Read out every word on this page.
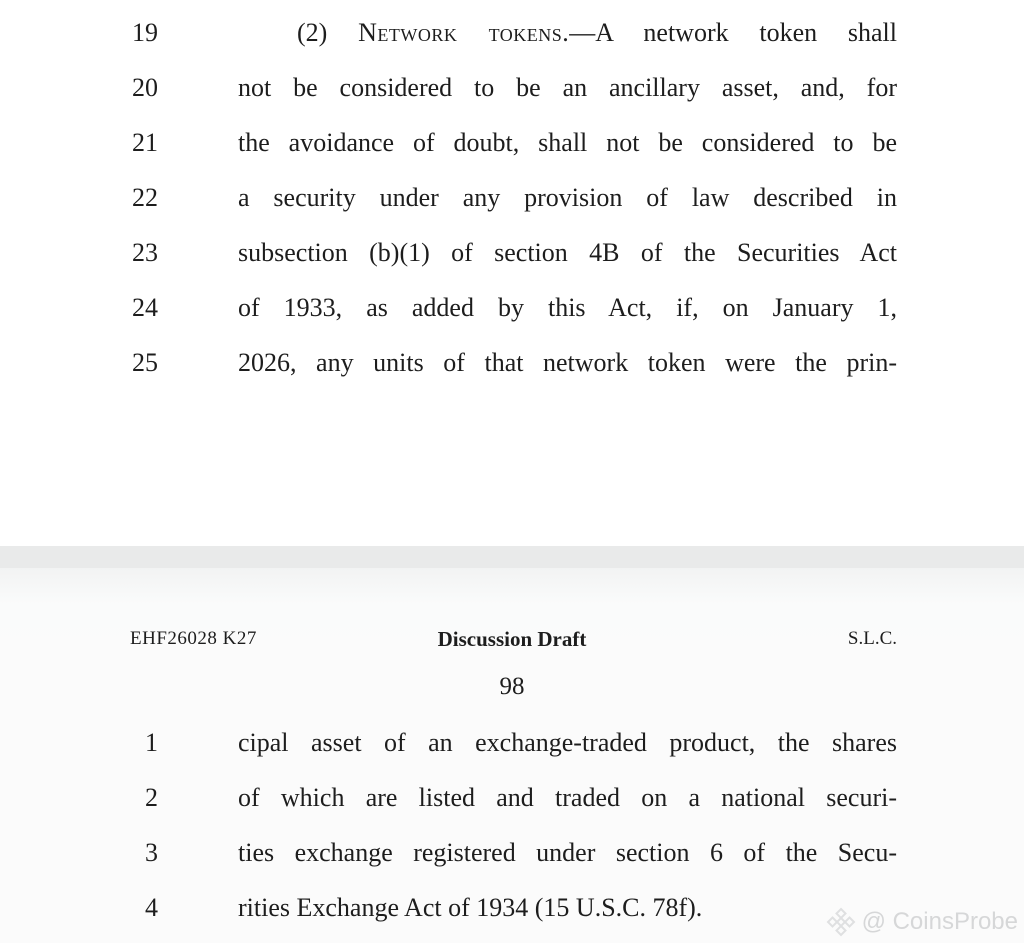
19	(2) Network tokens.—A network token shall
20	not be considered to be an ancillary asset, and, for
21	the avoidance of doubt, shall not be considered to be
22	a security under any provision of law described in
23	subsection (b)(1) of section 4B of the Securities Act
24	of 1933, as added by this Act, if, on January 1,
25	2026, any units of that network token were the prin-
EHF26028 K27	Discussion Draft	S.L.C.
98
1	cipal asset of an exchange-traded product, the shares
2	of which are listed and traded on a national securi-
3	ties exchange registered under section 6 of the Secu-
4	rities Exchange Act of 1934 (15 U.S.C. 78f).	@ CoinsProbe
